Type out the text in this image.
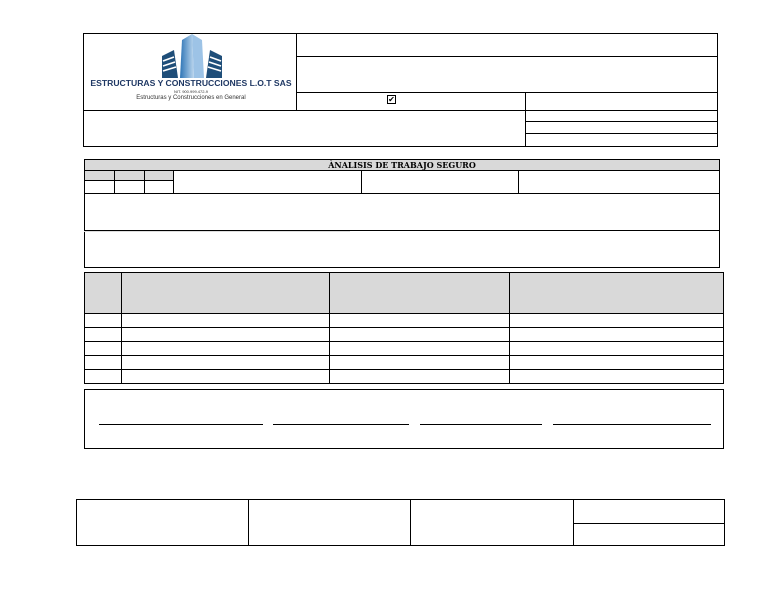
ESTRUCTURAS Y CONSTRUCCIONES L.O.T SAS
NIT. 900.999.472-9
Estructuras y Construcciones en General	✔
ÀNALISIS DE TRABAJO SEGURO
